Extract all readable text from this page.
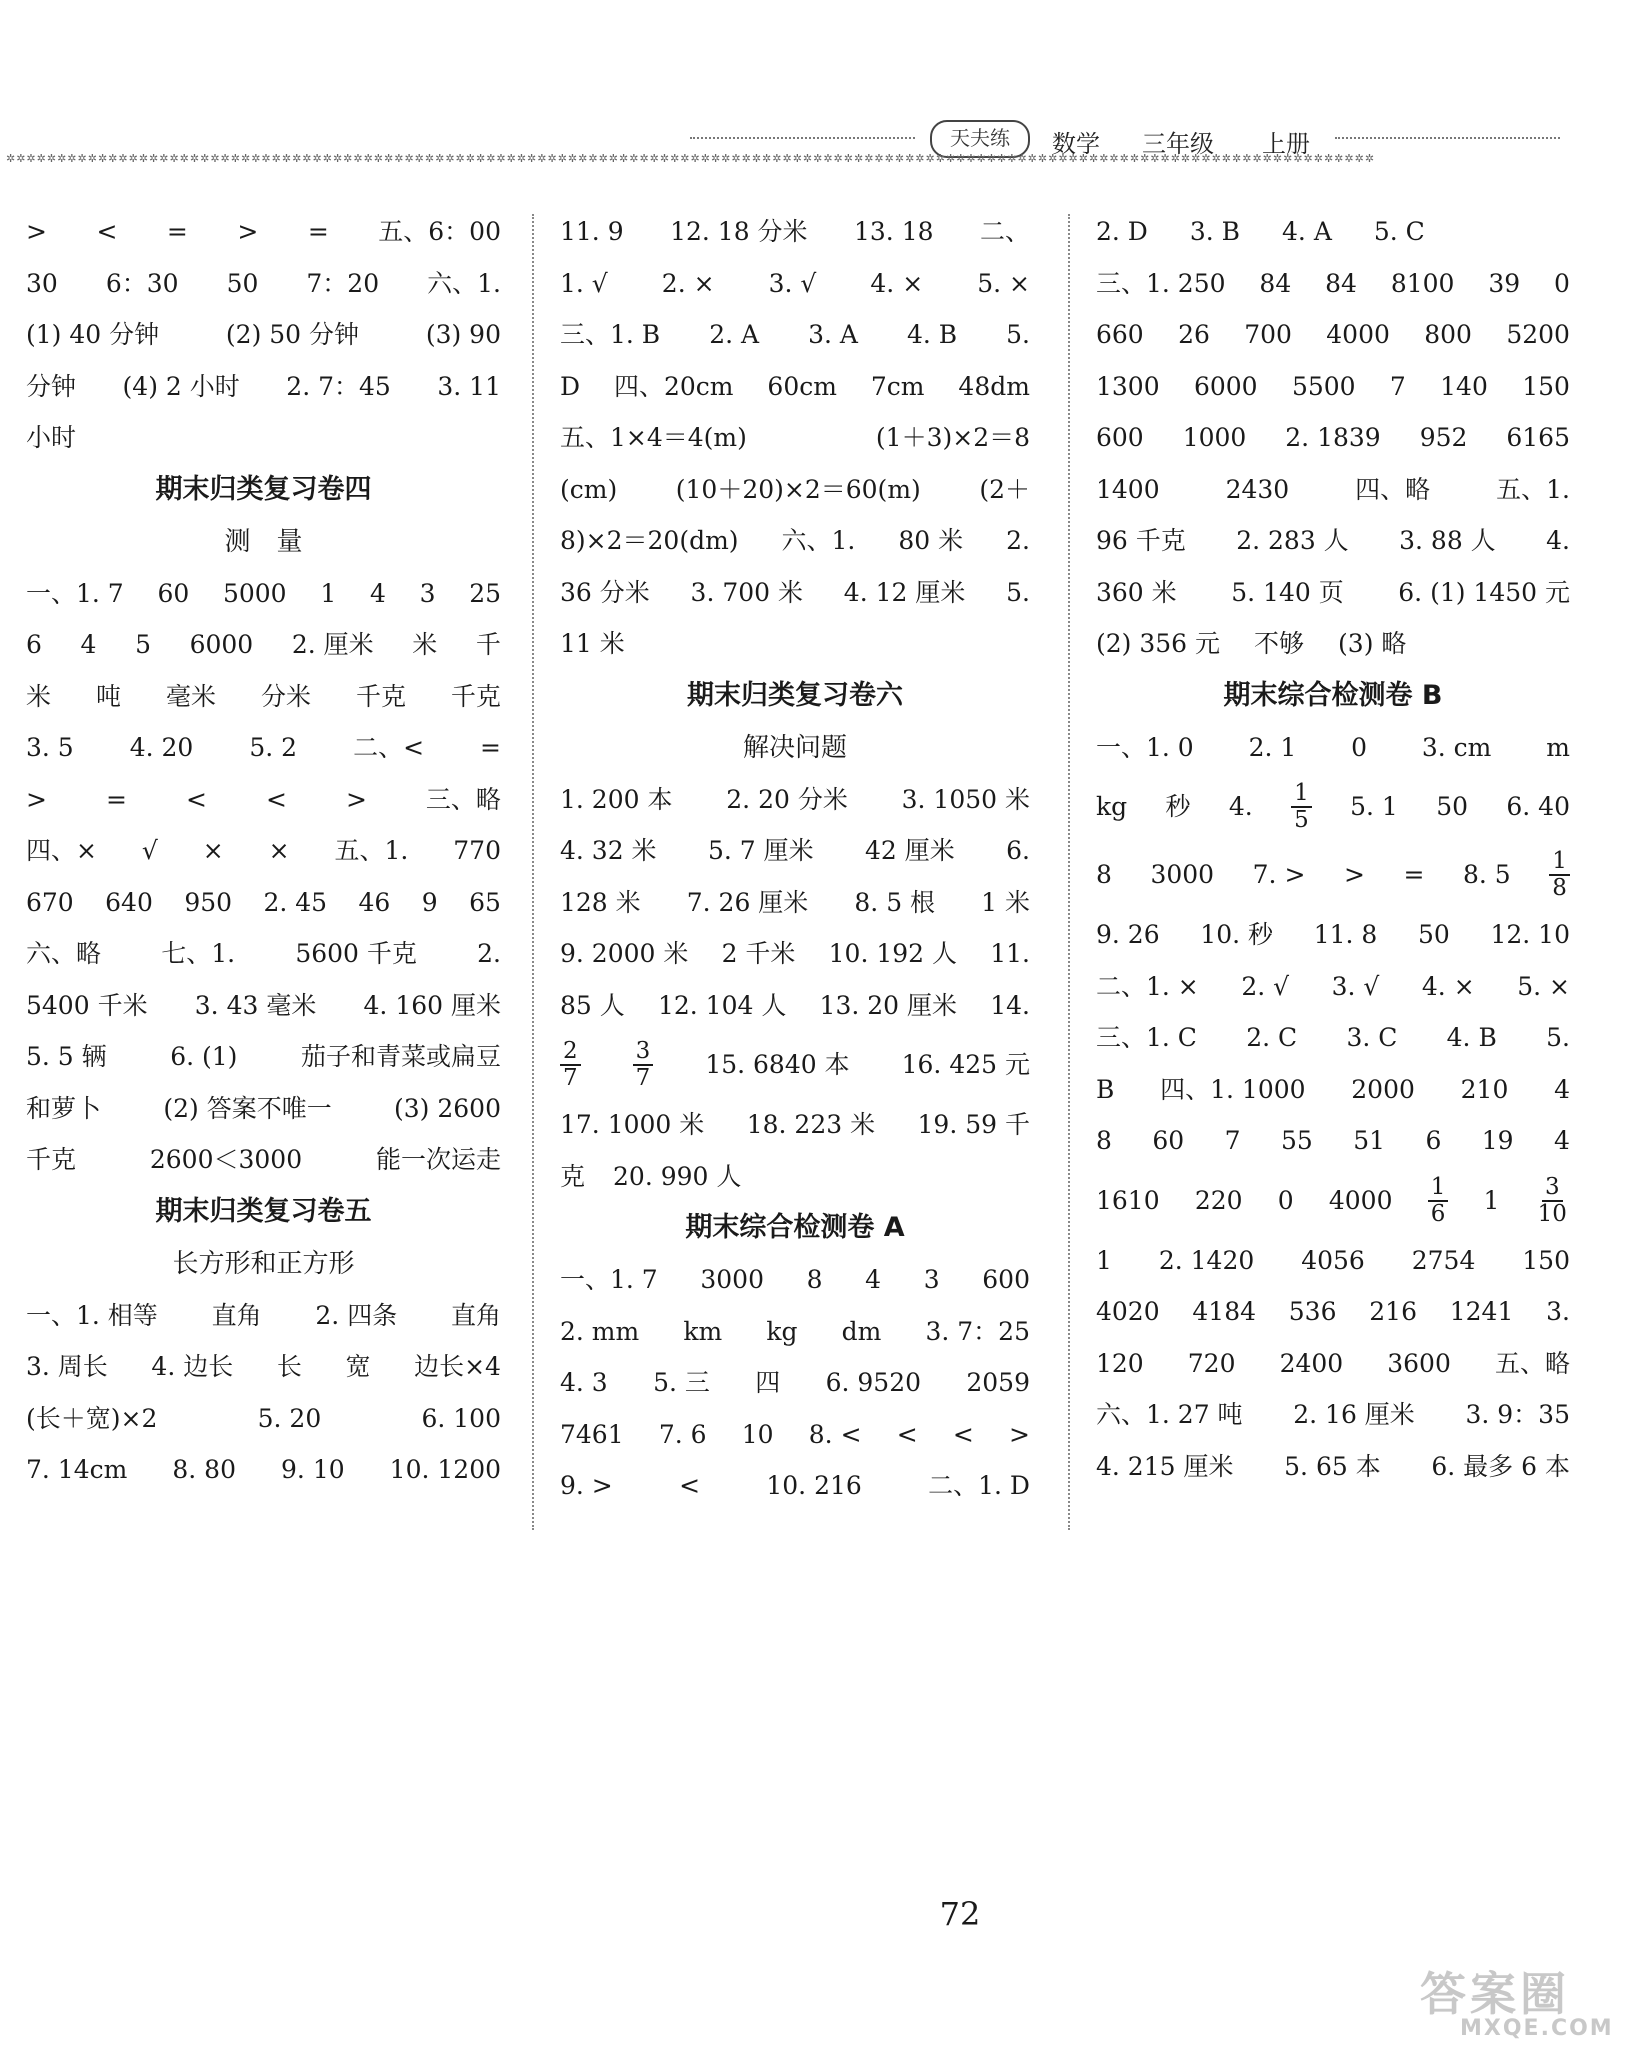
天夫练	数学 三年级 上册
✲✲✲✲✲✲✲✲✲✲✲✲✲✲✲✲✲✲✲✲✲✲✲✲✲✲✲✲✲✲✲✲✲✲✲✲✲✲✲✲✲✲✲✲✲✲✲✲✲✲✲✲✲✲✲✲✲✲✲✲✲✲✲✲✲✲✲✲✲✲✲✲✲✲✲✲✲✲✲✲✲✲✲✲✲✲✲✲✲✲✲✲✲✲✲✲✲✲✲✲✲✲✲✲✲✲✲✲✲✲✲✲✲✲✲✲✲✲✲✲✲✲✲✲✲✲✲✲✲✲✲✲✲✲
> < = > = 五、6：00
30 6：30 50 7：20 六、1.
(1) 40 分钟	(2) 50 分钟	(3) 90
分钟 (4) 2 小时 2. 7：45 3. 11
小时
期末归类复习卷四
测　量
一、1. 7 60 5000 1 4 3 25
6 4 5 6000 2. 厘米 米 千
米 吨 毫米 分米 千克 千克
3. 5 4. 20 5. 2 二、< =
> = < < > 三、略
四、× √ × × 五、1. 770
670 640 950 2. 45 46 9 65
六、略 七、1. 5600 千克 2.
5400 千米 3. 43 毫米 4. 160 厘米
5. 5 辆	6. (1)	茄子和青菜或扁豆
和萝卜 (2) 答案不唯一 (3) 2600
千克	2600＜3000	能一次运走
期末归类复习卷五
长方形和正方形
一、1. 相等 直角 2. 四条 直角
3. 周长 4. 边长 长 宽 边长×4
(长＋宽)×2	5. 20	6. 100
7. 14cm 8. 80 9. 10 10. 1200
11. 9 12. 18 分米 13. 18 二、
1. √ 2. × 3. √ 4. × 5. ×
三、1. B 2. A 3. A 4. B 5.
D 四、20cm 60cm 7cm 48dm
五、1×4＝4(m)	(1＋3)×2＝8
(cm) (10＋20)×2＝60(m) (2＋
8)×2＝20(dm) 六、1. 80 米 2.
36 分米 3. 700 米 4. 12 厘米 5.
11 米
期末归类复习卷六
解决问题
1. 200 本 2. 20 分米 3. 1050 米
4. 32 米 5. 7 厘米 42 厘米 6.
128 米 7. 26 厘米 8. 5 根 1 米
9. 2000 米 2 千米 10. 192 人 11.
85 人 12. 104 人 13. 20 厘米 14.
$\frac{2}{7} \frac{3}{7} 15$. 6840 本 16. 425 元
17. 1000 米 18. 223 米 19. 59 千
克 20. 990 人
期末综合检测卷 A
一、1. 7 3000 8 4 3 600
2. mm km kg dm 3. 7：25
4. 3 5. 三 四 6. 9520 2059
7461 7. 6 10 8. < < < >
9. >	<	10. 216	二、1. D
2. D 3. B 4. A 5. C
三、1. 250 84 84 8100 39 0
660 26 700 4000 800 5200
1300 6000 5500 7 140 150
600 1000 2. 1839 952 6165
1400	2430	四、略	五、1.
96 千克 2. 283 人 3. 88 人 4.
360 米 5. 140 页 6. (1) 1450 元
(2) 356 元 不够 (3) 略
期末综合检测卷 B
一、1. 0 2. 1 0 3. cm m
kg 秒 4. $\frac{1}{5} 5$. 1 50 6. 40
8 3000 7. > > = 8. $5 \frac{1}{8}$
9. 26 10. 秒 11. 8 50 12. 10
二、1. × 2. √ 3. √ 4. × 5. ×
三、1. C 2. C 3. C 4. B 5.
B 四、1. 1000 2000 210 4
8 60 7 55 51 6 19 4
1610 220 0 $4000 \frac{1}{6} 1 \frac{3}{10}$
1 2. 1420 4056 2754 150
4020 4184 536 216 1241 3.
120 720 2400 3600 五、略
六、1. 27 吨 2. 16 厘米 3. 9：35
4. 215 厘米 5. 65 本 6. 最多 6 本
72
答案圈
MXQE.COM
